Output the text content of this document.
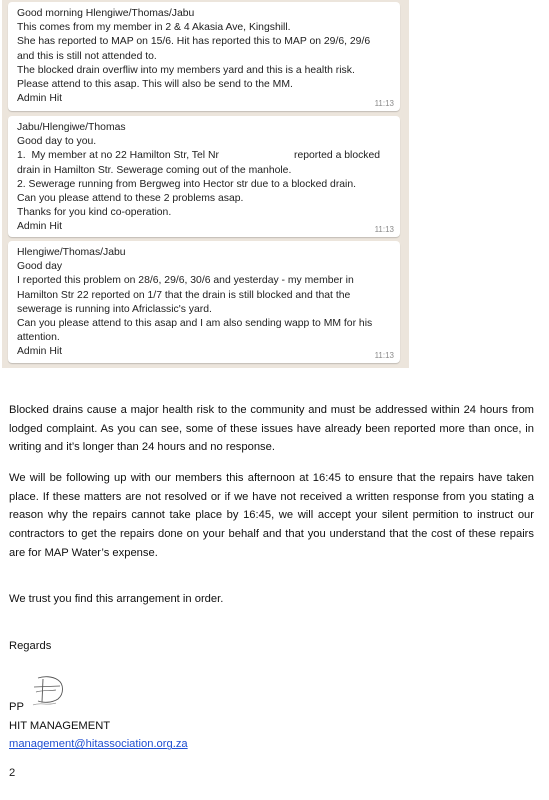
Good morning Hlengiwe/Thomas/Jabu
This comes from my member in 2 & 4 Akasia Ave, Kingshill.
She has reported to MAP on 15/6. Hit has reported this to MAP on 29/6, 29/6
and this is still not attended to.
The blocked drain overfliw into my members yard and this is a health risk.
Please attend to this asap. This will also be send to the MM.
Admin Hit	11:13
Jabu/Hlengiwe/Thomas
Good day to you.
1.  My member at no 22 Hamilton Str, Tel Nr                          reported a blocked
drain in Hamilton Str. Sewerage coming out of the manhole.
2. Sewerage running from Bergweg into Hector str due to a blocked drain.
Can you please attend to these 2 problems asap.
Thanks for you kind co-operation.
Admin Hit	11:13
Hlengiwe/Thomas/Jabu
Good day
I reported this problem on 28/6, 29/6, 30/6 and yesterday - my member in
Hamilton Str 22 reported on 1/7 that the drain is still blocked and that the
sewerage is running into Africlassic's yard.
Can you please attend to this asap and I am also sending wapp to MM for his
attention.
Admin Hit	11:13

Blocked drains cause a major health risk to the community and must be addressed within 24 hours from lodged complaint. As you can see, some of these issues have already been reported more than once, in writing and it’s longer than 24 hours and no response.

We will be following up with our members this afternoon at 16:45 to ensure that the repairs have taken place. If these matters are not resolved or if we have not received a written response from you stating a reason why the repairs cannot take place by 16:45, we will accept your silent permition to instruct our contractors to get the repairs done on your behalf and that you understand that the cost of these repairs are for MAP Water’s expense.

We trust you find this arrangement in order.

Regards

PP

HIT MANAGEMENT

management@hitassociation.org.za

2
